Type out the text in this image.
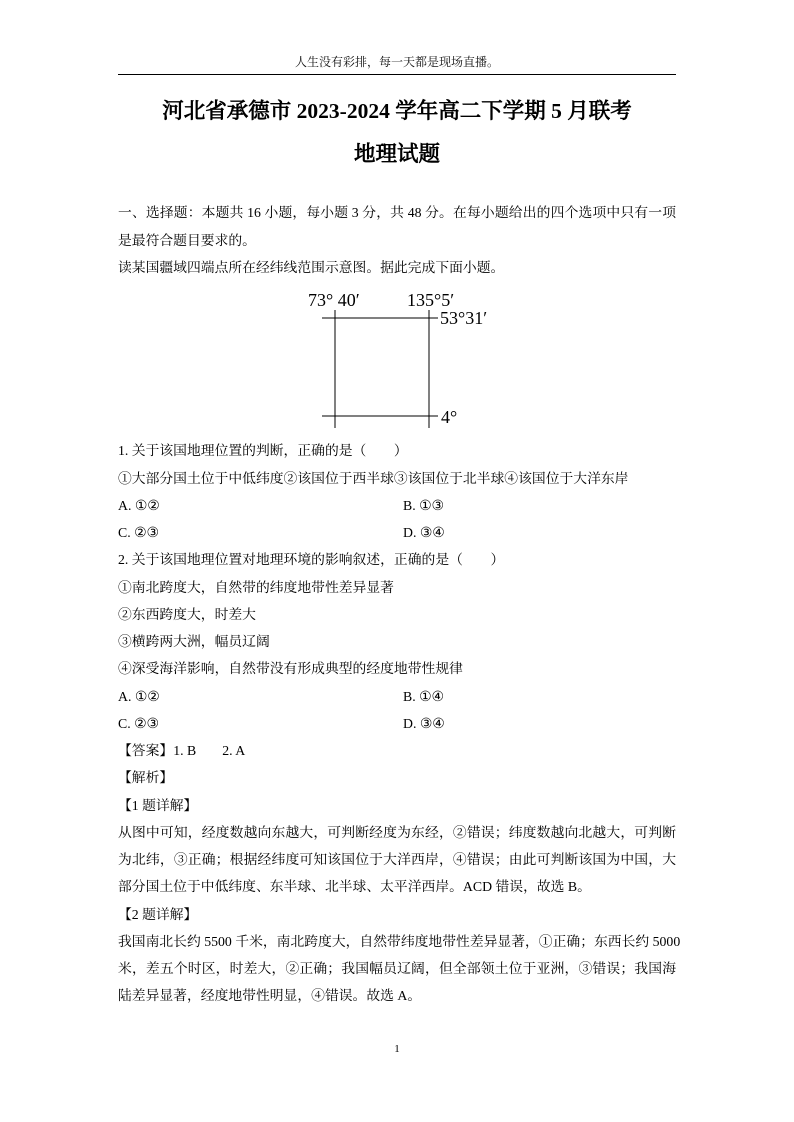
人生没有彩排，每一天都是现场直播。
河北省承德市 2023-2024 学年高二下学期 5 月联考
地理试题
一、选择题：本题共 16 小题，每小题 3 分，共 48 分。在每小题给出的四个选项中只有一项
是最符合题目要求的。
读某国疆域四端点所在经纬线范围示意图。据此完成下面小题。
73° 40′	135°5′
53°31′
4°
1. 关于该国地理位置的判断，正确的是（　　）
①大部分国土位于中低纬度②该国位于西半球③该国位于北半球④该国位于大洋东岸
A. ①②	B. ①③
C. ②③	D. ③④
2. 关于该国地理位置对地理环境的影响叙述，正确的是（　　）
①南北跨度大，自然带的纬度地带性差异显著
②东西跨度大，时差大
③横跨两大洲，幅员辽阔
④深受海洋影响，自然带没有形成典型的经度地带性规律
A. ①②	B. ①④
C. ②③	D. ③④
【答案】1. B 2. A
【解析】
【1 题详解】
从图中可知，经度数越向东越大，可判断经度为东经，②错误；纬度数越向北越大，可判断
为北纬，③正确；根据经纬度可知该国位于大洋西岸，④错误；由此可判断该国为中国，大
部分国土位于中低纬度、东半球、北半球、太平洋西岸。ACD 错误，故选 B。
【2 题详解】
我国南北长约 5500 千米，南北跨度大，自然带纬度地带性差异显著，①正确；东西长约 5000
米，差五个时区，时差大，②正确；我国幅员辽阔，但全部领土位于亚洲，③错误；我国海
陆差异显著，经度地带性明显，④错误。故选 A。
1
